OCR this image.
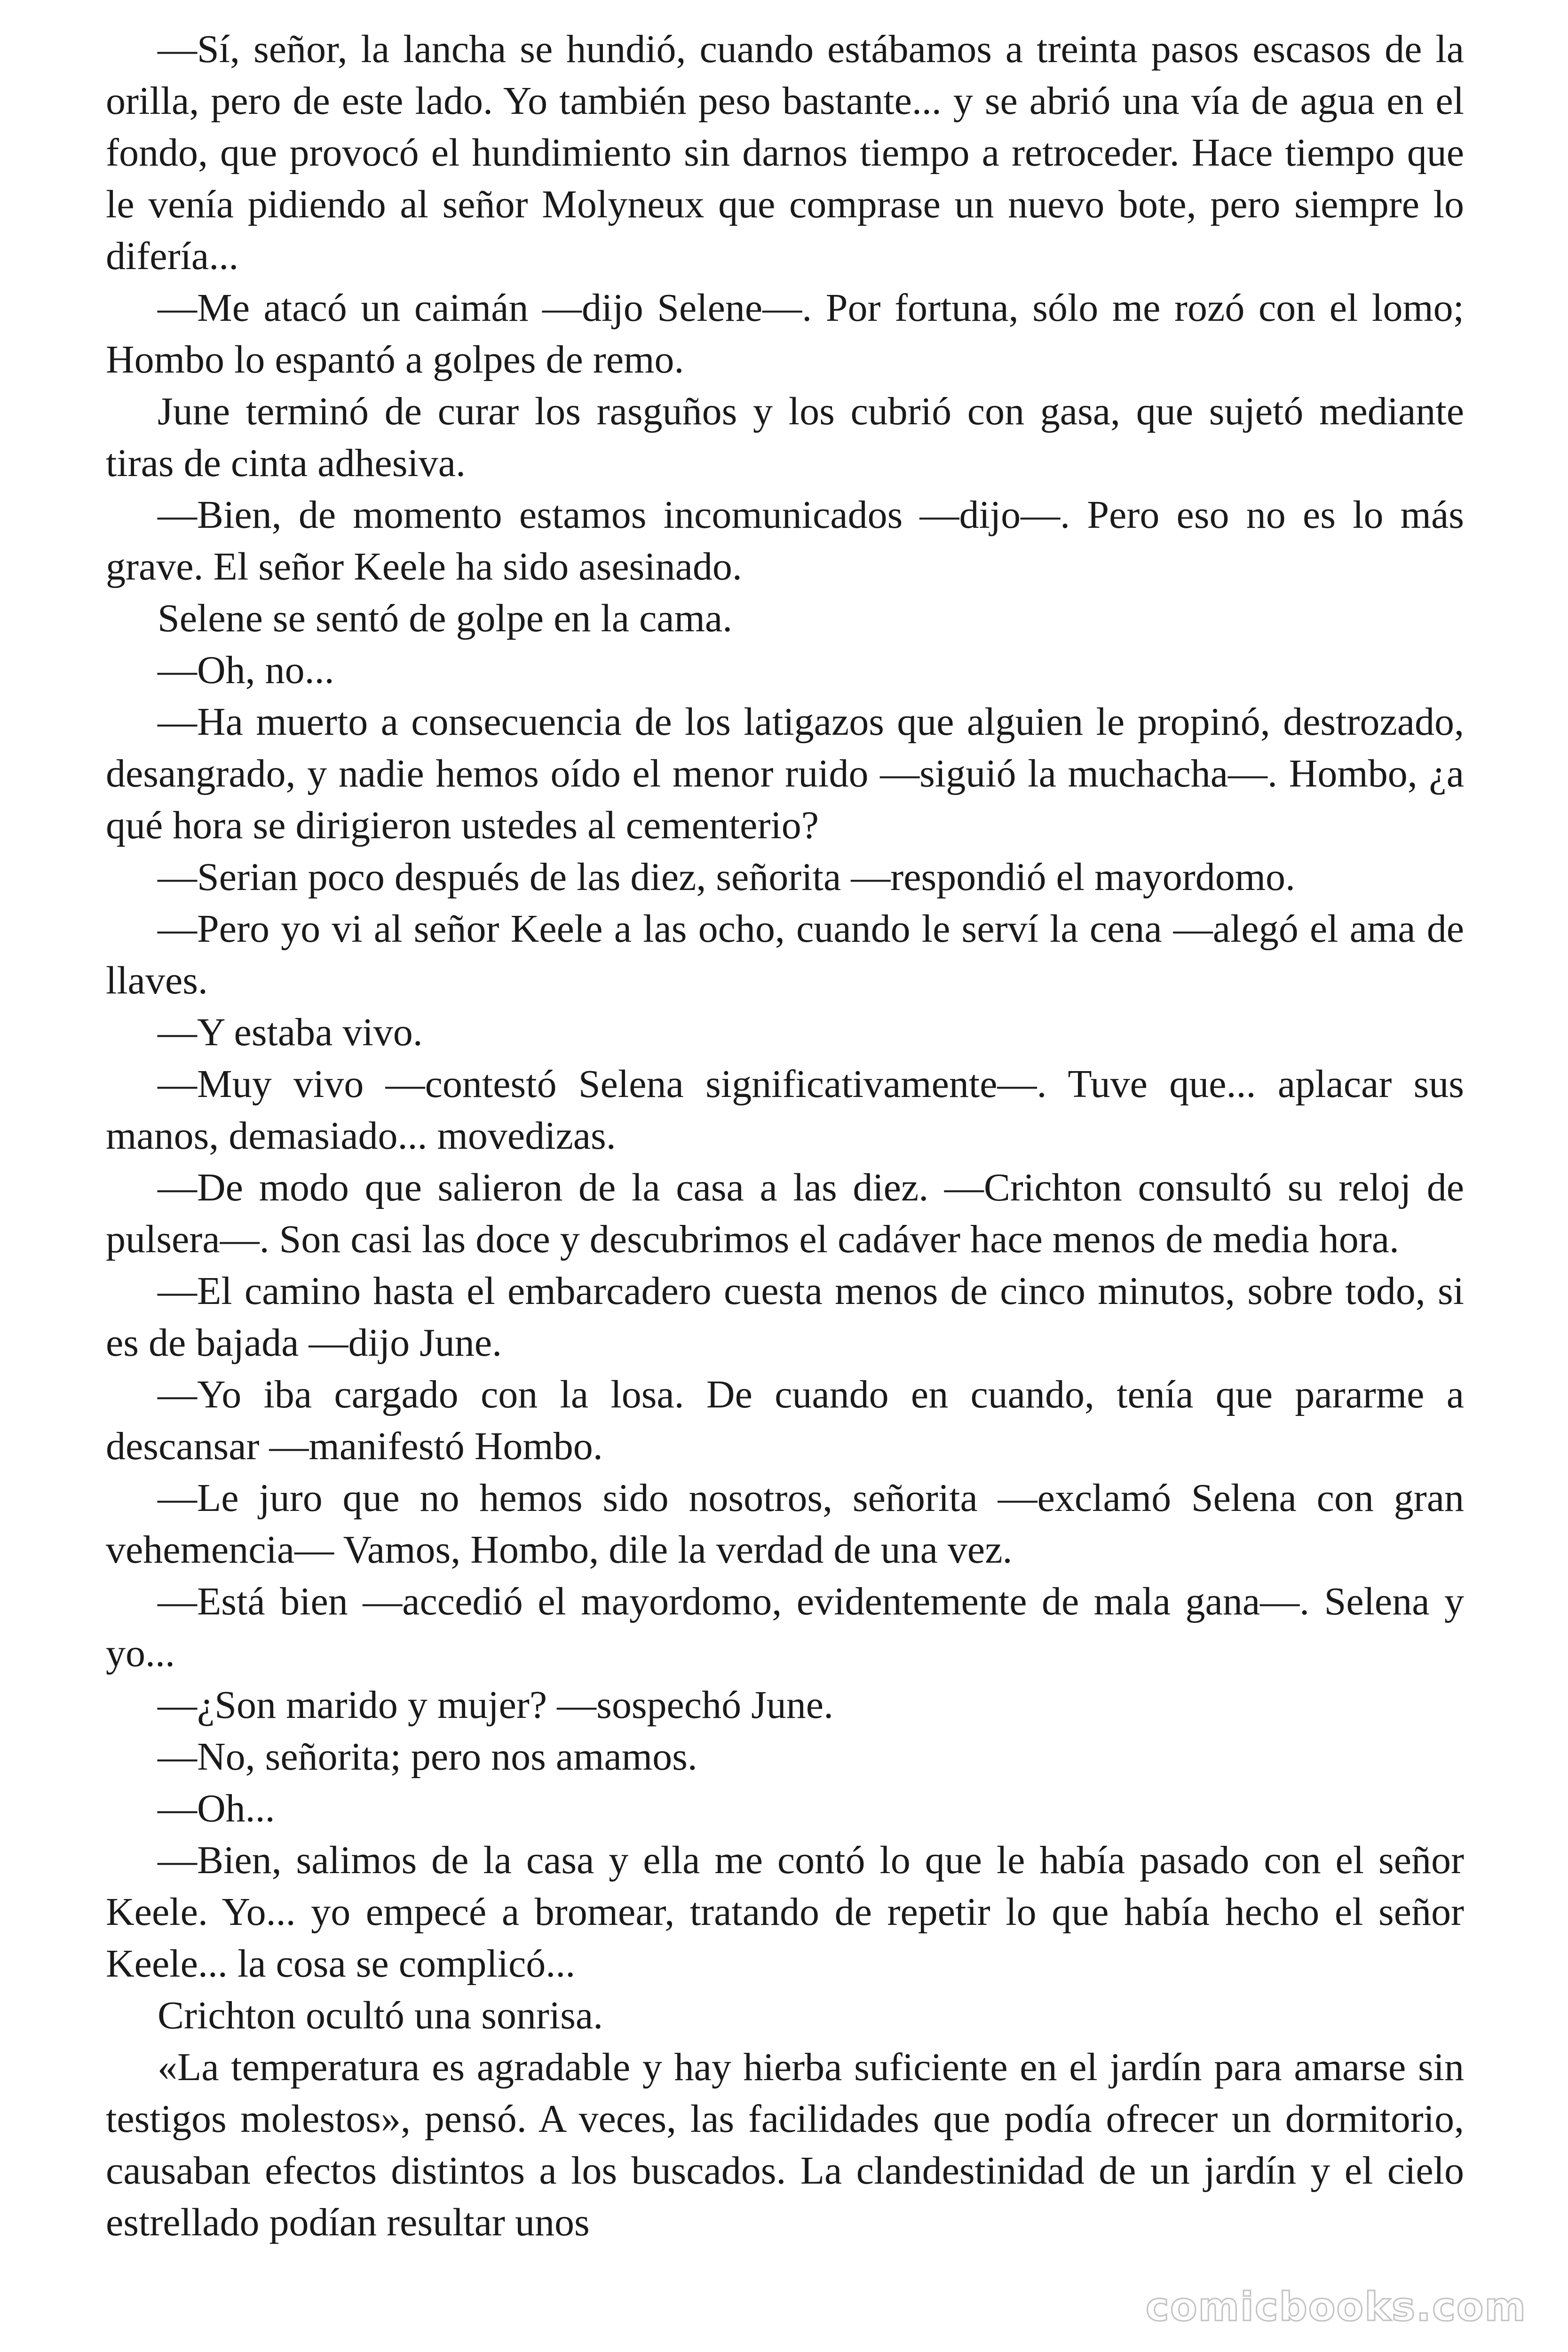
—Sí, señor, la lancha se hundió, cuando estábamos a treinta pasos escasos de la orilla, pero de este lado. Yo también peso bastante... y se abrió una vía de agua en el fondo, que provocó el hundimiento sin darnos tiempo a retroceder. Hace tiempo que le venía pidiendo al señor Molyneux que comprase un nuevo bote, pero siempre lo difería...

—Me atacó un caimán —dijo Selene—. Por fortuna, sólo me rozó con el lomo; Hombo lo espantó a golpes de remo.

June terminó de curar los rasguños y los cubrió con gasa, que sujetó mediante tiras de cinta adhesiva.

—Bien, de momento estamos incomunicados —dijo—. Pero eso no es lo más grave. El señor Keele ha sido asesinado.

Selene se sentó de golpe en la cama.

—Oh, no...

—Ha muerto a consecuencia de los latigazos que alguien le propinó, destrozado, desangrado, y nadie hemos oído el menor ruido —siguió la muchacha—. Hombo, ¿a qué hora se dirigieron ustedes al cementerio?

—Serian poco después de las diez, señorita —respondió el mayordomo.

—Pero yo vi al señor Keele a las ocho, cuando le serví la cena —alegó el ama de llaves.

—Y estaba vivo.

—Muy vivo —contestó Selena significativamente—. Tuve que... aplacar sus manos, demasiado... movedizas.

—De modo que salieron de la casa a las diez. —Crichton consultó su reloj de pulsera—. Son casi las doce y descubrimos el cadáver hace menos de media hora.

—El camino hasta el embarcadero cuesta menos de cinco minutos, sobre todo, si es de bajada —dijo June.

—Yo iba cargado con la losa. De cuando en cuando, tenía que pararme a descansar —manifestó Hombo.

—Le juro que no hemos sido nosotros, señorita —exclamó Selena con gran vehemencia— Vamos, Hombo, dile la verdad de una vez.

—Está bien —accedió el mayordomo, evidentemente de mala gana—. Selena y yo...

—¿Son marido y mujer? —sospechó June.

—No, señorita; pero nos amamos.

—Oh...

—Bien, salimos de la casa y ella me contó lo que le había pasado con el señor Keele. Yo... yo empecé a bromear, tratando de repetir lo que había hecho el señor Keele... la cosa se complicó...

Crichton ocultó una sonrisa.

«La temperatura es agradable y hay hierba suficiente en el jardín para amarse sin testigos molestos», pensó. A veces, las facilidades que podía ofrecer un dormitorio, causaban efectos distintos a los buscados. La clandestinidad de un jardín y el cielo estrellado podían resultar unos

comicbooks.com
